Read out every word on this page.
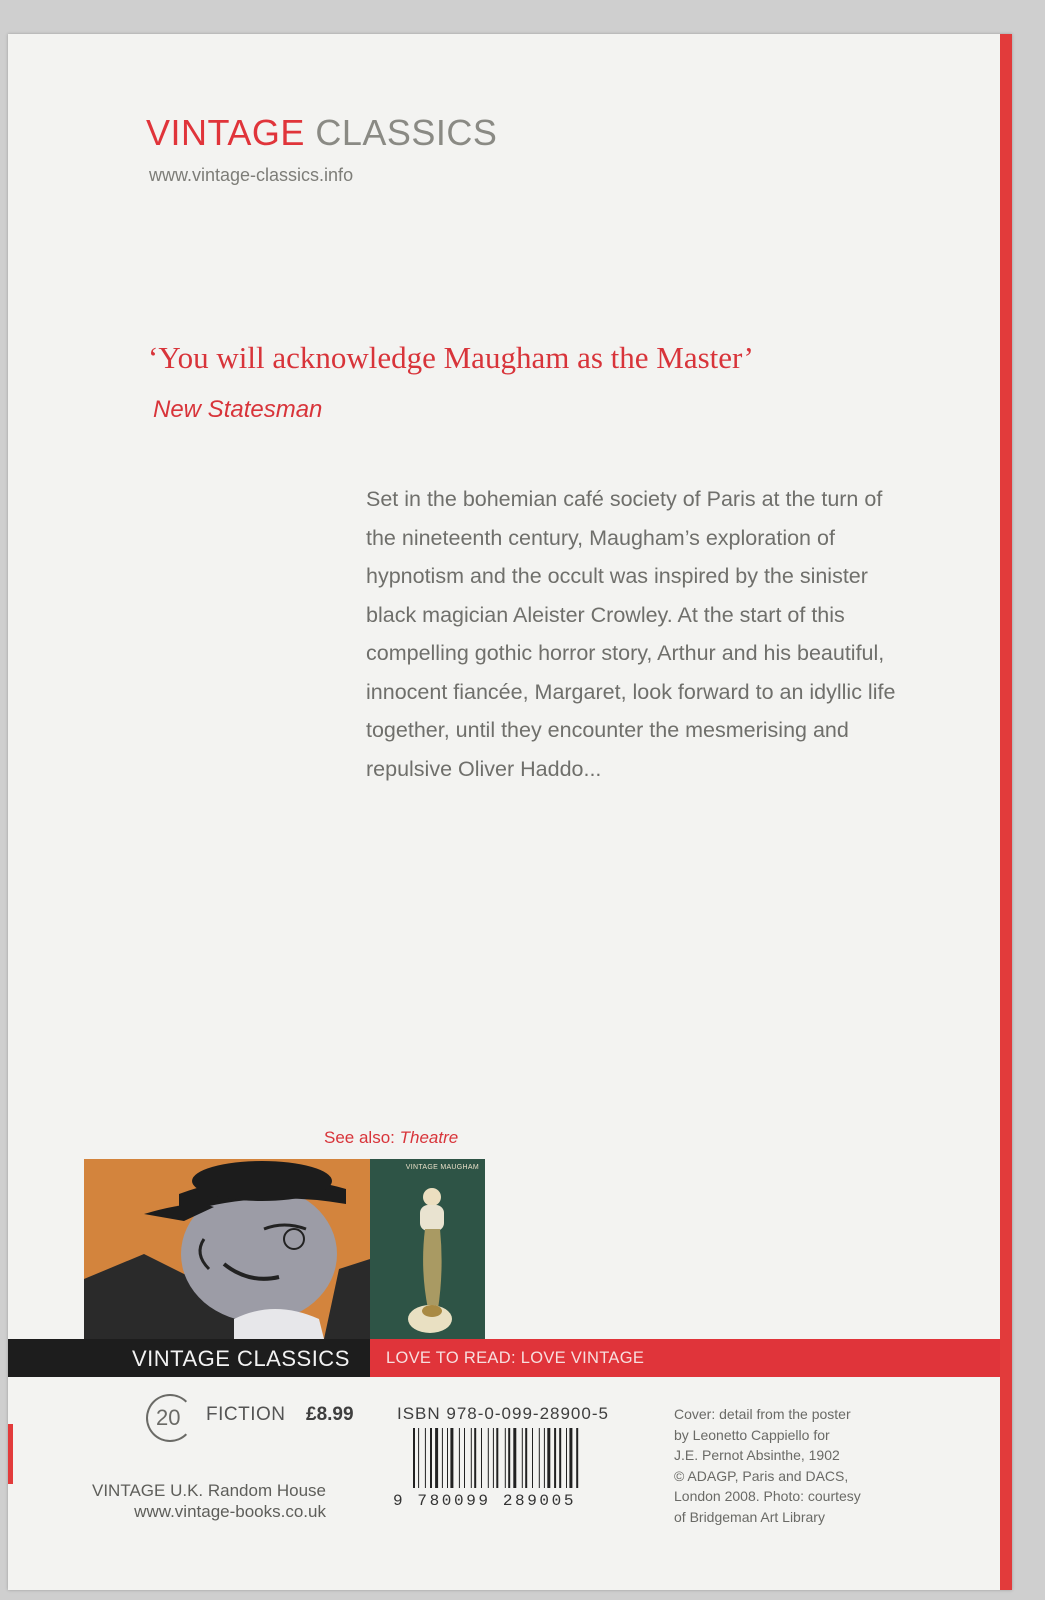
VINTAGE CLASSICS
www.vintage-classics.info
‘You will acknowledge Maugham as the Master’
New Statesman

Set in the bohemian café society of Paris at the turn of the nineteenth century, Maugham’s exploration of hypnotism and the occult was inspired by the sinister black magician Aleister Crowley. At the start of this compelling gothic horror story, Arthur and his beautiful, innocent fiancée, Margaret, look forward to an idyllic life together, until they encounter the mesmerising and repulsive Oliver Haddo...

See also: Theatre
VINTAGE MAUGHAM
VINTAGE CLASSICS LOVE TO READ: LOVE VINTAGE
20 FICTION £8.99	ISBN 978-0-099-28900-5
9 780099 289005
VINTAGE U.K. Random House
www.vintage-books.co.uk
Cover: detail from the poster
by Leonetto Cappiello for
J.E. Pernot Absinthe, 1902
© ADAGP, Paris and DACS,
London 2008. Photo: courtesy
of Bridgeman Art Library
